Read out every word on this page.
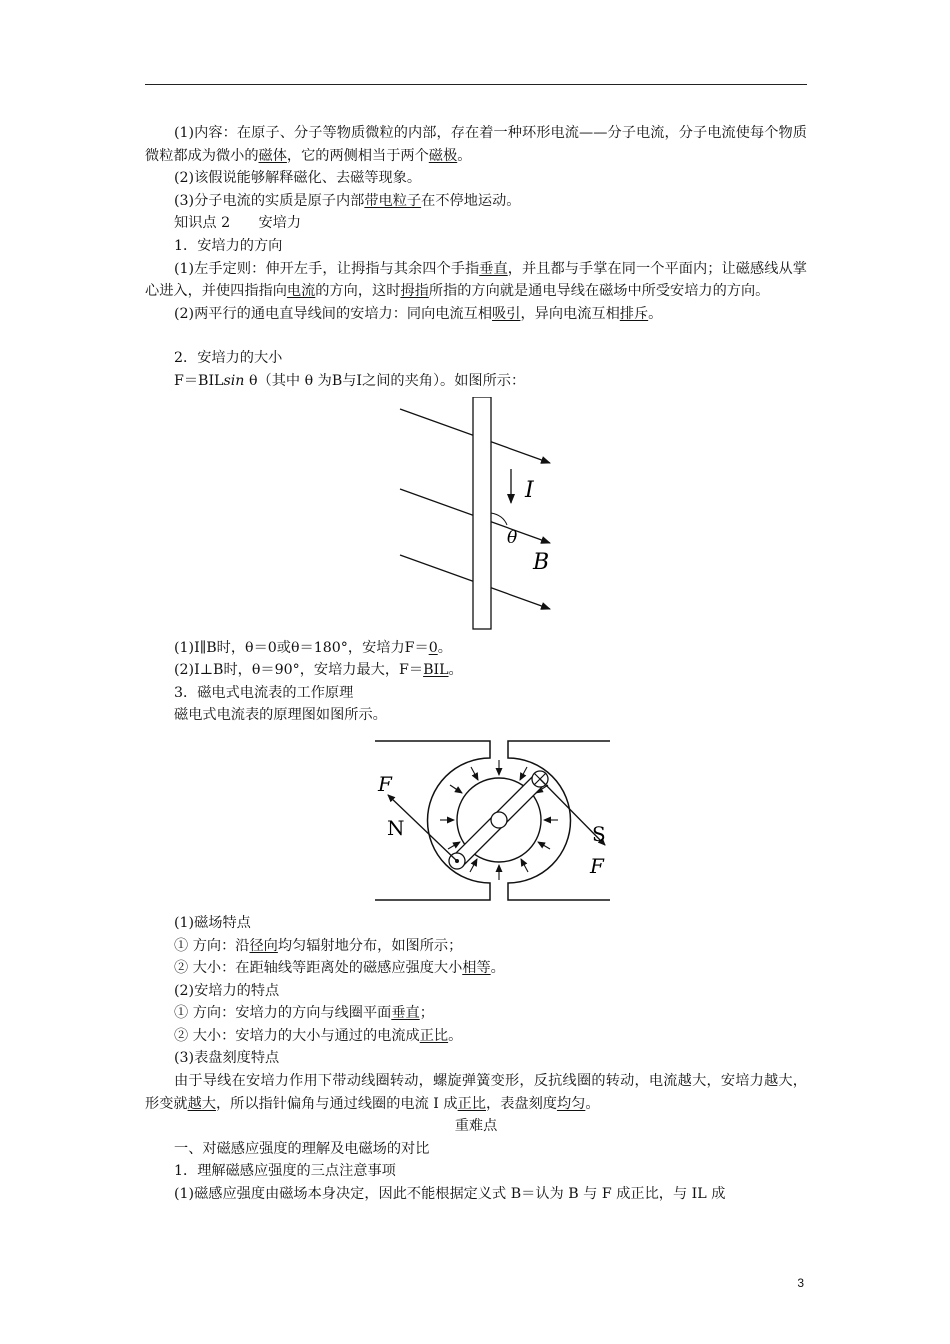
(1)内容：在原子、分子等物质微粒的内部，存在着一种环形电流——分子电流，分子电流使每个物质微粒都成为微小的磁体，它的两侧相当于两个磁极。

(2)该假说能够解释磁化、去磁等现象。

(3)分子电流的实质是原子内部带电粒子在不停地运动。

知识点 2　　安培力

1．安培力的方向

(1)左手定则：伸开左手，让拇指与其余四个手指垂直，并且都与手掌在同一个平面内；让磁感线从掌心进入，并使四指指向电流的方向，这时拇指所指的方向就是通电导线在磁场中所受安培力的方向。

(2)两平行的通电直导线间的安培力：同向电流互相吸引，异向电流互相排斥。

2．安培力的大小

F＝BILsin θ（其中 θ 为B与I之间的夹角）。如图所示：

I
θ
B

(1)I∥B时，θ＝0或θ＝180°，安培力F＝0。

(2)I⊥B时，θ＝90°，安培力最大，F＝BIL。

3．磁电式电流表的工作原理

磁电式电流表的原理图如图所示。

F
N	S
F

(1)磁场特点

① 方向：沿径向均匀辐射地分布，如图所示；

② 大小：在距轴线等距离处的磁感应强度大小相等。

(2)安培力的特点

① 方向：安培力的方向与线圈平面垂直；

② 大小：安培力的大小与通过的电流成正比。

(3)表盘刻度特点

由于导线在安培力作用下带动线圈转动，螺旋弹簧变形，反抗线圈的转动，电流越大，安培力越大，形变就越大，所以指针偏角与通过线圈的电流 I 成正比，表盘刻度均匀。

重难点

一、对磁感应强度的理解及电磁场的对比

1．理解磁感应强度的三点注意事项

(1)磁感应强度由磁场本身决定，因此不能根据定义式 B＝认为 B 与 F 成正比，与 IL 成

3
